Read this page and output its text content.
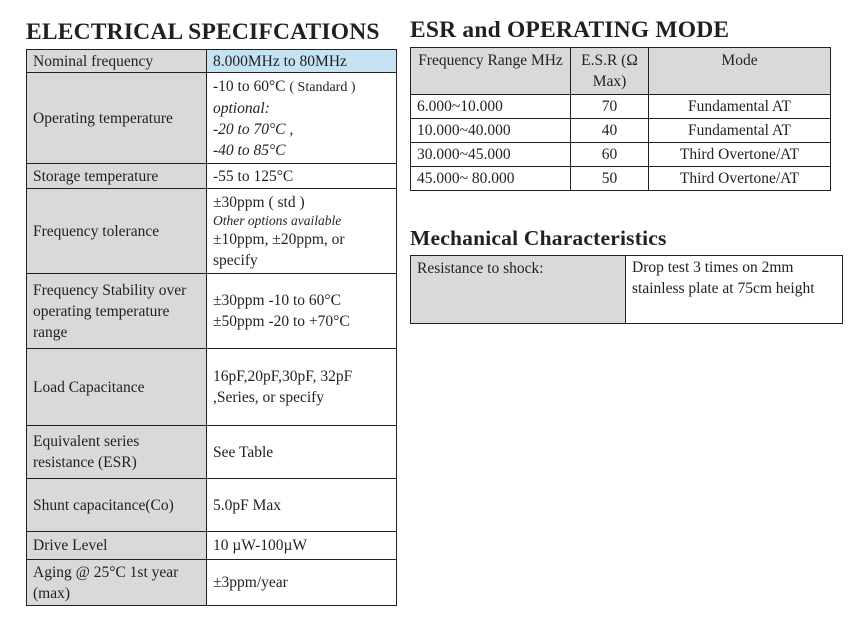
ELECTRICAL SPECIFCATIONS ESR and OPERATING MODE
Mechanical Characteristics
Nominal frequency	8.000MHz to 80MHz
Operating temperature	-10 to 60°C ( Standard )
optional:
-20 to 70°C ,
-40 to 85°C

Storage temperature	-55 to 125°C
Frequency tolerance	±30ppm ( std )
Other options available
±10ppm, ±20ppm, or specify

Frequency Stability over operating temperature range	±30ppm -10 to 60°C
±50ppm -20 to +70°C

Load Capacitance	16pF,20pF,30pF, 32pF ,Series, or specify
Equivalent series resistance (ESR)	See Table
Shunt capacitance(Co)	5.0pF Max
Drive Level	10 µW-100µW
Aging @ 25°C 1st year (max)	±3ppm/year
Frequency Range MHz	E.S.R (Ω Max)	Mode
6.000~10.000	70	Fundamental AT
10.000~40.000	40	Fundamental AT
30.000~45.000	60	Third Overtone/AT
45.000~ 80.000	50	Third Overtone/AT
Resistance to shock:	Drop test 3 times on 2mm stainless plate at 75cm height
